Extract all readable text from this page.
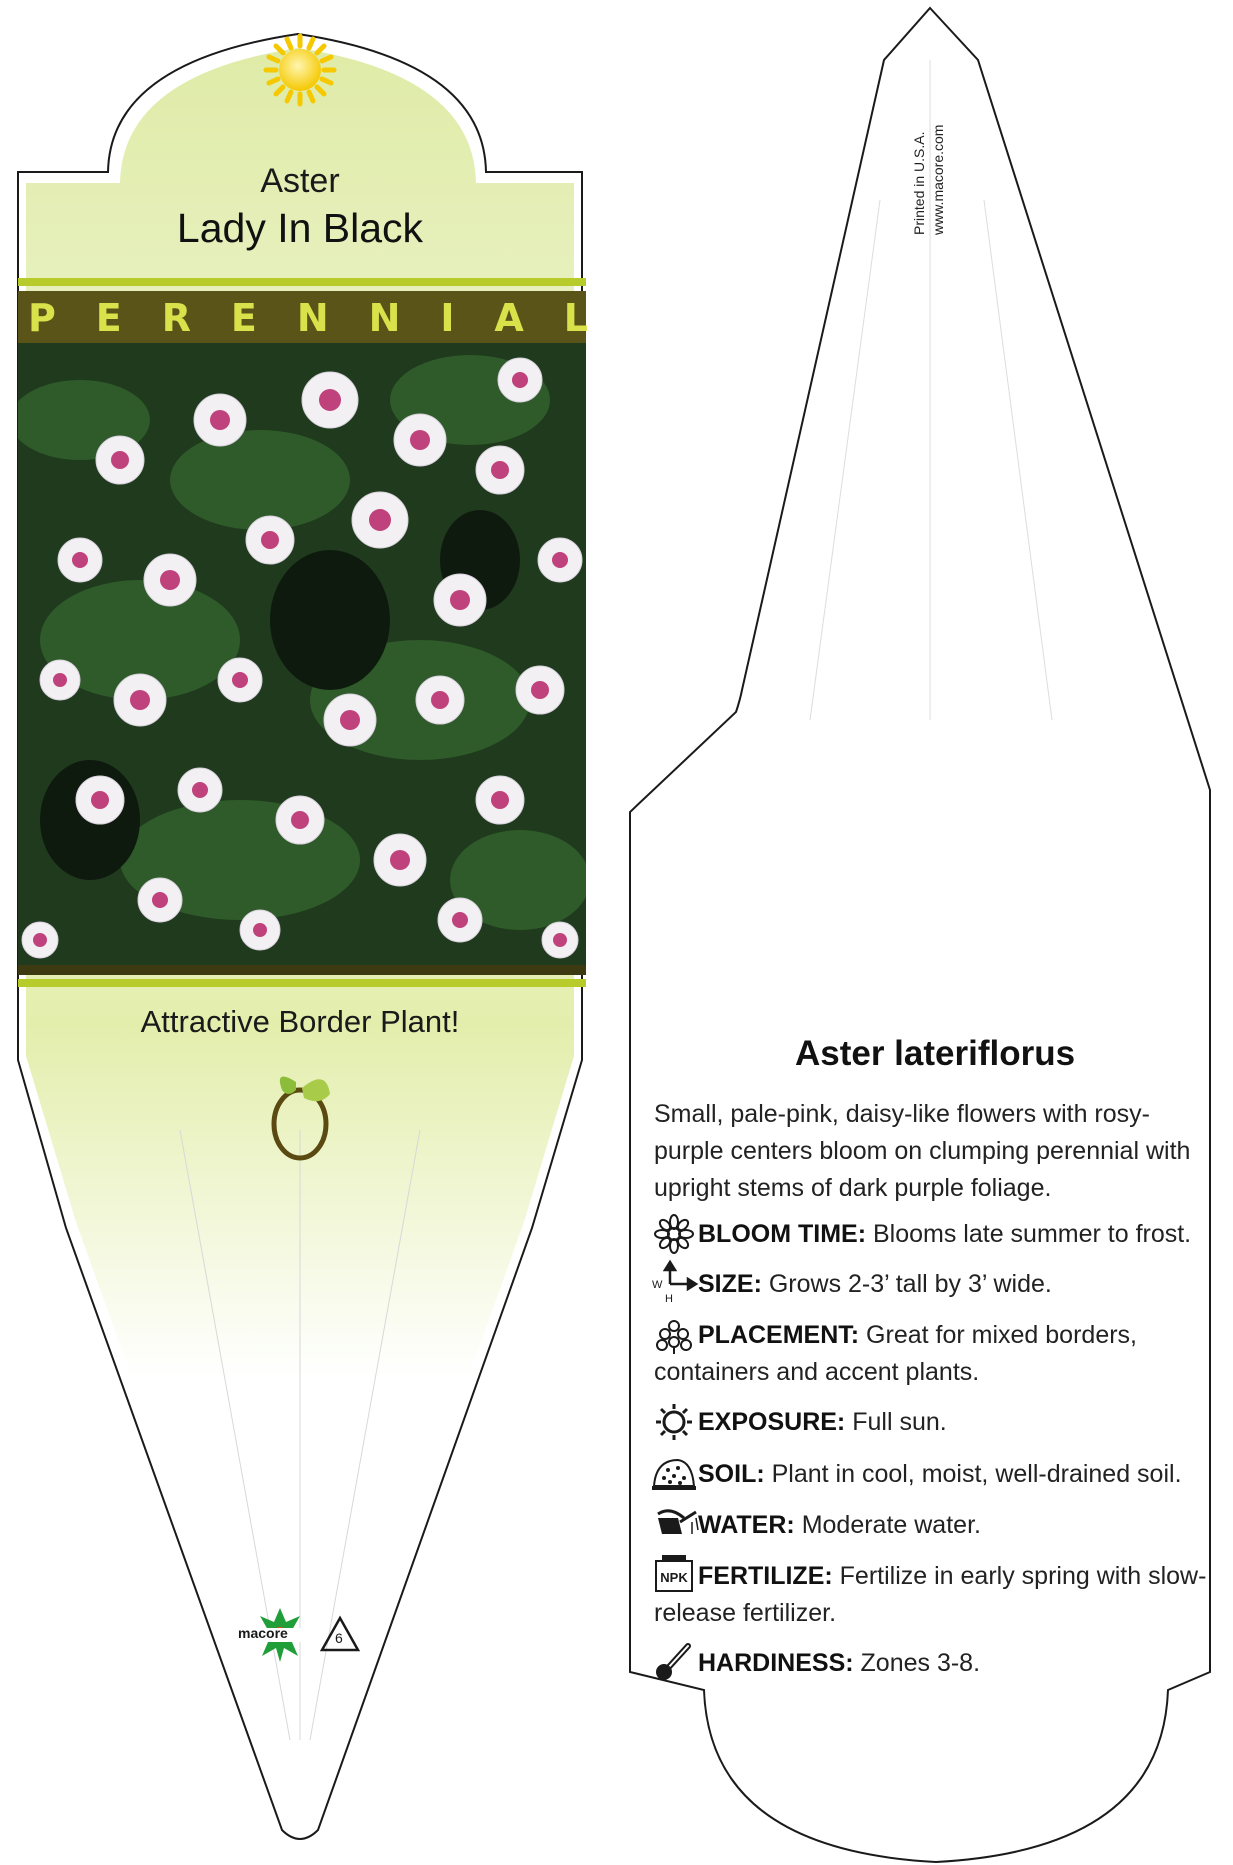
W
H
NPK
Aster
Lady In Black
P E R E N N I A L
Attractive Border Plant!
macore	6
Printed in U.S.A. www.macore.com
Aster lateriflorus
Small, pale-pink, daisy-like flowers with rosy-purple centers bloom on clumping perennial with upright stems of dark purple foliage.
BLOOM TIME: Blooms late summer to frost.
SIZE: Grows 2-3’ tall by 3’ wide.
PLACEMENT: Great for mixed borders, containers and accent plants.
EXPOSURE: Full sun.
SOIL: Plant in cool, moist, well-drained soil.
WATER: Moderate water.
FERTILIZE: Fertilize in early spring with slow-release fertilizer.
HARDINESS: Zones 3-8.
